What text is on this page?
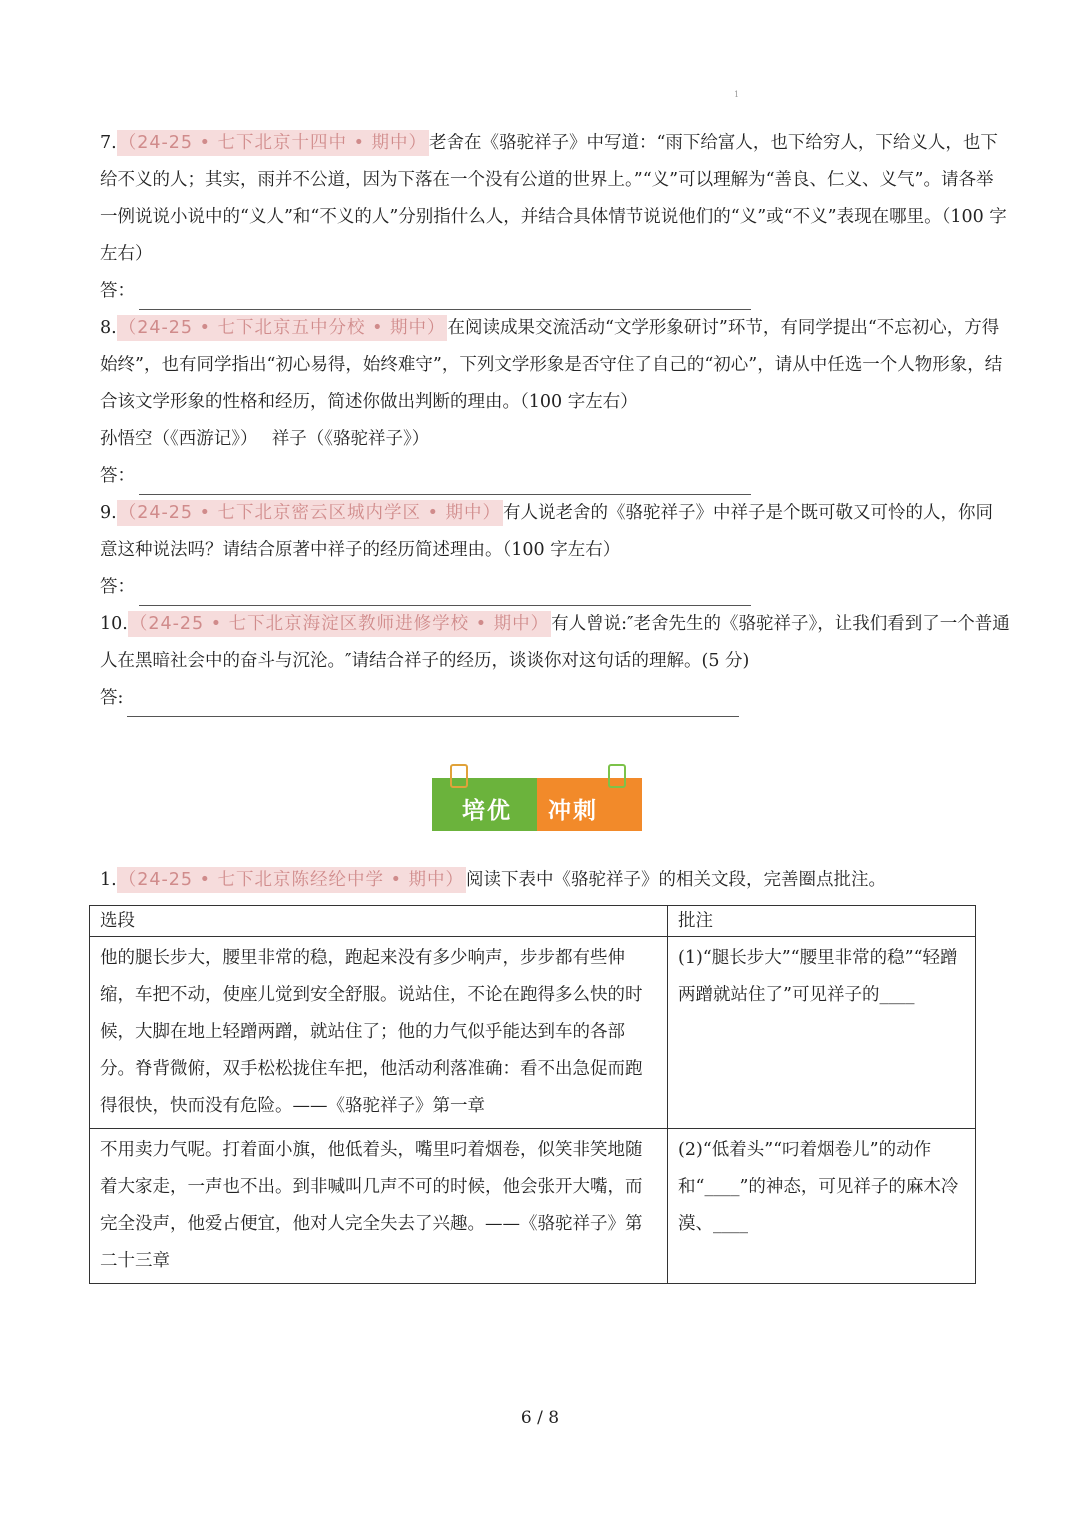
1
7. （24-25 • 七下北京十四中 • 期中） 老舍在《骆驼祥子》中写道：“雨下给富人，也下给穷人，下给义人，也下给不义的人；其实，雨并不公道，因为下落在一个没有公道的世界上。”“义”可以理解为“善良、仁义、义气”。请各举一例说说小说中的“义人”和“不义的人”分别指什么人，并结合具体情节说说他们的“义”或“不义”表现在哪里。（100 字左右）
答：
8. （24-25 • 七下北京五中分校 • 期中） 在阅读成果交流活动“文学形象研讨”环节，有同学提出“不忘初心，方得始终”，也有同学指出“初心易得，始终难守”，下列文学形象是否守住了自己的“初心”，请从中任选一个人物形象，结合该文学形象的性格和经历，简述你做出判断的理由。（100 字左右）
孙悟空（《西游记》）　 祥子（《骆驼祥子》）
答：
9. （24-25 • 七下北京密云区城内学区 • 期中） 有人说老舍的《骆驼祥子》中祥子是个既可敬又可怜的人，你同意这种说法吗？请结合原著中祥子的经历简述理由。（100 字左右）
答：
10. （24-25 • 七下北京海淀区教师进修学校 • 期中） 有人曾说:″老舍先生的《骆驼祥子》，让我们看到了一个普通人在黑暗社会中的奋斗与沉沦。″请结合祥子的经历，谈谈你对这句话的理解。(5 分)
答:
培优 冲刺
1. （24-25 • 七下北京陈经纶中学 • 期中） 阅读下表中《骆驼祥子》的相关文段，完善圈点批注。
选段	批注
他的腿长步大，腰里非常的稳，跑起来没有多少响声，步步都有些伸缩，车把不动，使座儿觉到安全舒服。说站住，不论在跑得多么快的时候，大脚在地上轻蹭两蹭，就站住了；他的力气似乎能达到车的各部分。脊背微俯，双手松松拢住车把，他活动利落准确：看不出急促而跑得很快，快而没有危险。——《骆驼祥子》第一章	(1)“腿长步大”“腰里非常的稳”“轻蹭两蹭就站住了”可见祥子的____
不用卖力气呢。打着面小旗，他低着头，嘴里叼着烟卷，似笑非笑地随着大家走，一声也不出。到非喊叫几声不可的时候，他会张开大嘴，而完全没声，他爱占便宜，他对人完全失去了兴趣。——《骆驼祥子》第二十三章	(2)“低着头”“叼着烟卷儿”的动作和“____”的神态，可见祥子的麻木冷漠、____
6 / 8
